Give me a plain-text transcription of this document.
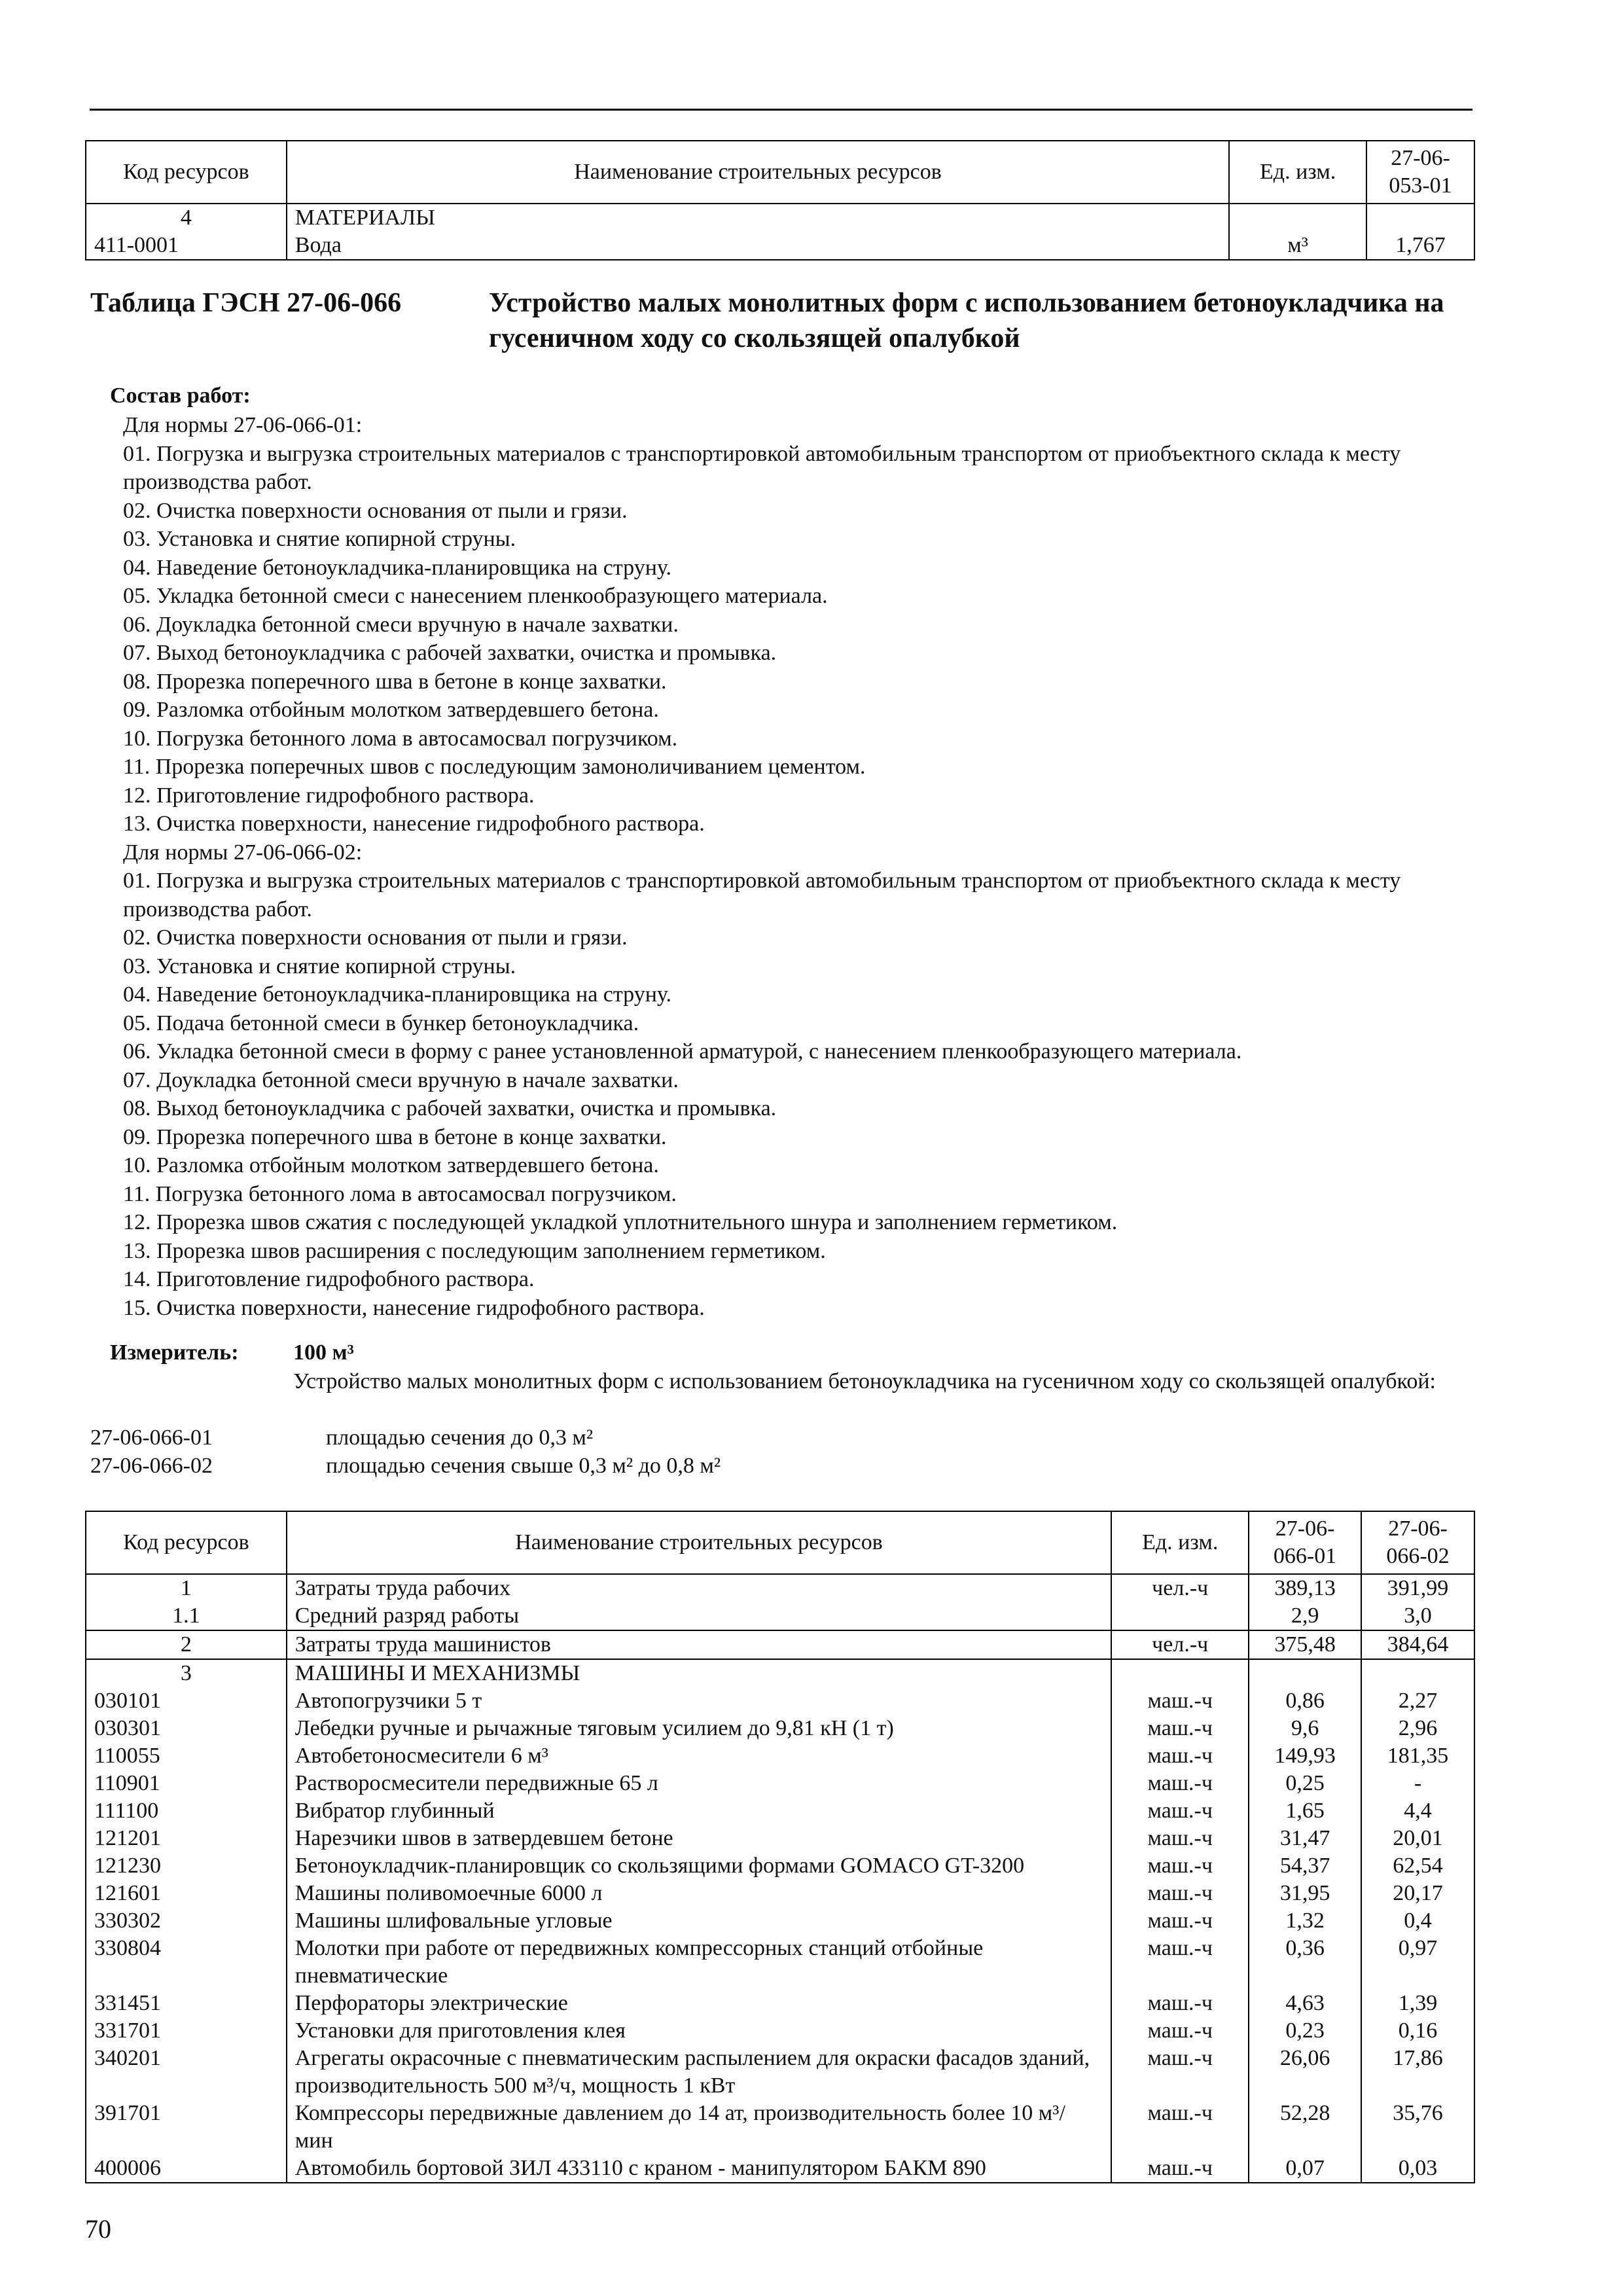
Код ресурсов	Наименование строительных ресурсов	Ед. изм.	27-06-053-01
4	МАТЕРИАЛЫ		
411-0001	Вода	м³	1,767
Таблица ГЭСН 27-06-066	Устройство малых монолитных форм с использованием бетоноукладчика на гусеничном ходу со скользящей опалубкой
Состав работ:
Для нормы 27-06-066-01:
01. Погрузка и выгрузка строительных материалов с транспортировкой автомобильным транспортом от приобъектного склада к месту производства работ.
02. Очистка поверхности основания от пыли и грязи.
03. Установка и снятие копирной струны.
04. Наведение бетоноукладчика-планировщика на струну.
05. Укладка бетонной смеси с нанесением пленкообразующего материала.
06. Доукладка бетонной смеси вручную в начале захватки.
07. Выход бетоноукладчика с рабочей захватки, очистка и промывка.
08. Прорезка поперечного шва в бетоне в конце захватки.
09. Разломка отбойным молотком затвердевшего бетона.
10. Погрузка бетонного лома в автосамосвал погрузчиком.
11. Прорезка поперечных швов с последующим замоноличиванием цементом.
12. Приготовление гидрофобного раствора.
13. Очистка поверхности, нанесение гидрофобного раствора.
Для нормы 27-06-066-02:
01. Погрузка и выгрузка строительных материалов с транспортировкой автомобильным транспортом от приобъектного склада к месту производства работ.
02. Очистка поверхности основания от пыли и грязи.
03. Установка и снятие копирной струны.
04. Наведение бетоноукладчика-планировщика на струну.
05. Подача бетонной смеси в бункер бетоноукладчика.
06. Укладка бетонной смеси в форму с ранее установленной арматурой, с нанесением пленкообразующего материала.
07. Доукладка бетонной смеси вручную в начале захватки.
08. Выход бетоноукладчика с рабочей захватки, очистка и промывка.
09. Прорезка поперечного шва в бетоне в конце захватки.
10. Разломка отбойным молотком затвердевшего бетона.
11. Погрузка бетонного лома в автосамосвал погрузчиком.
12. Прорезка швов сжатия с последующей укладкой уплотнительного шнура и заполнением герметиком.
13. Прорезка швов расширения с последующим заполнением герметиком.
14. Приготовление гидрофобного раствора.
15. Очистка поверхности, нанесение гидрофобного раствора.
Измеритель: 100 м³
Устройство малых монолитных форм с использованием бетоноукладчика на гусеничном ходу со скользящей опалубкой:
27-06-066-01	площадью сечения до 0,3 м²
27-06-066-02	площадью сечения свыше 0,3 м² до 0,8 м²
Код ресурсов	Наименование строительных ресурсов	Ед. изм.	27-06-066-01	27-06-066-02
1	Затраты труда рабочих	чел.-ч	389,13	391,99
1.1	Средний разряд работы		2,9	3,0
2	Затраты труда машинистов	чел.-ч	375,48	384,64
3	МАШИНЫ И МЕХАНИЗМЫ			
030101	Автопогрузчики 5 т	маш.-ч	0,86	2,27
030301	Лебедки ручные и рычажные тяговым усилием до 9,81 кН (1 т)	маш.-ч	9,6	2,96
110055	Автобетоносмесители 6 м³	маш.-ч	149,93	181,35
110901	Растворосмесители передвижные 65 л	маш.-ч	0,25	-
111100	Вибратор глубинный	маш.-ч	1,65	4,4
121201	Нарезчики швов в затвердевшем бетоне	маш.-ч	31,47	20,01
121230	Бетоноукладчик-планировщик со скользящими формами GOMACO GT-3200	маш.-ч	54,37	62,54
121601	Машины поливомоечные 6000 л	маш.-ч	31,95	20,17
330302	Машины шлифовальные угловые	маш.-ч	1,32	0,4
330804	Молотки при работе от передвижных компрессорных станций отбойные пневматические	маш.-ч	0,36	0,97
331451	Перфораторы электрические	маш.-ч	4,63	1,39
331701	Установки для приготовления клея	маш.-ч	0,23	0,16
340201	Агрегаты окрасочные с пневматическим распылением для окраски фасадов зданий, производительность 500 м³/ч, мощность 1 кВт	маш.-ч	26,06	17,86
391701	Компрессоры передвижные давлением до 14 ат, производительность более 10 м³/мин	маш.-ч	52,28	35,76
400006	Автомобиль бортовой ЗИЛ 433110 с краном - манипулятором БАКМ 890	маш.-ч	0,07	0,03
70
